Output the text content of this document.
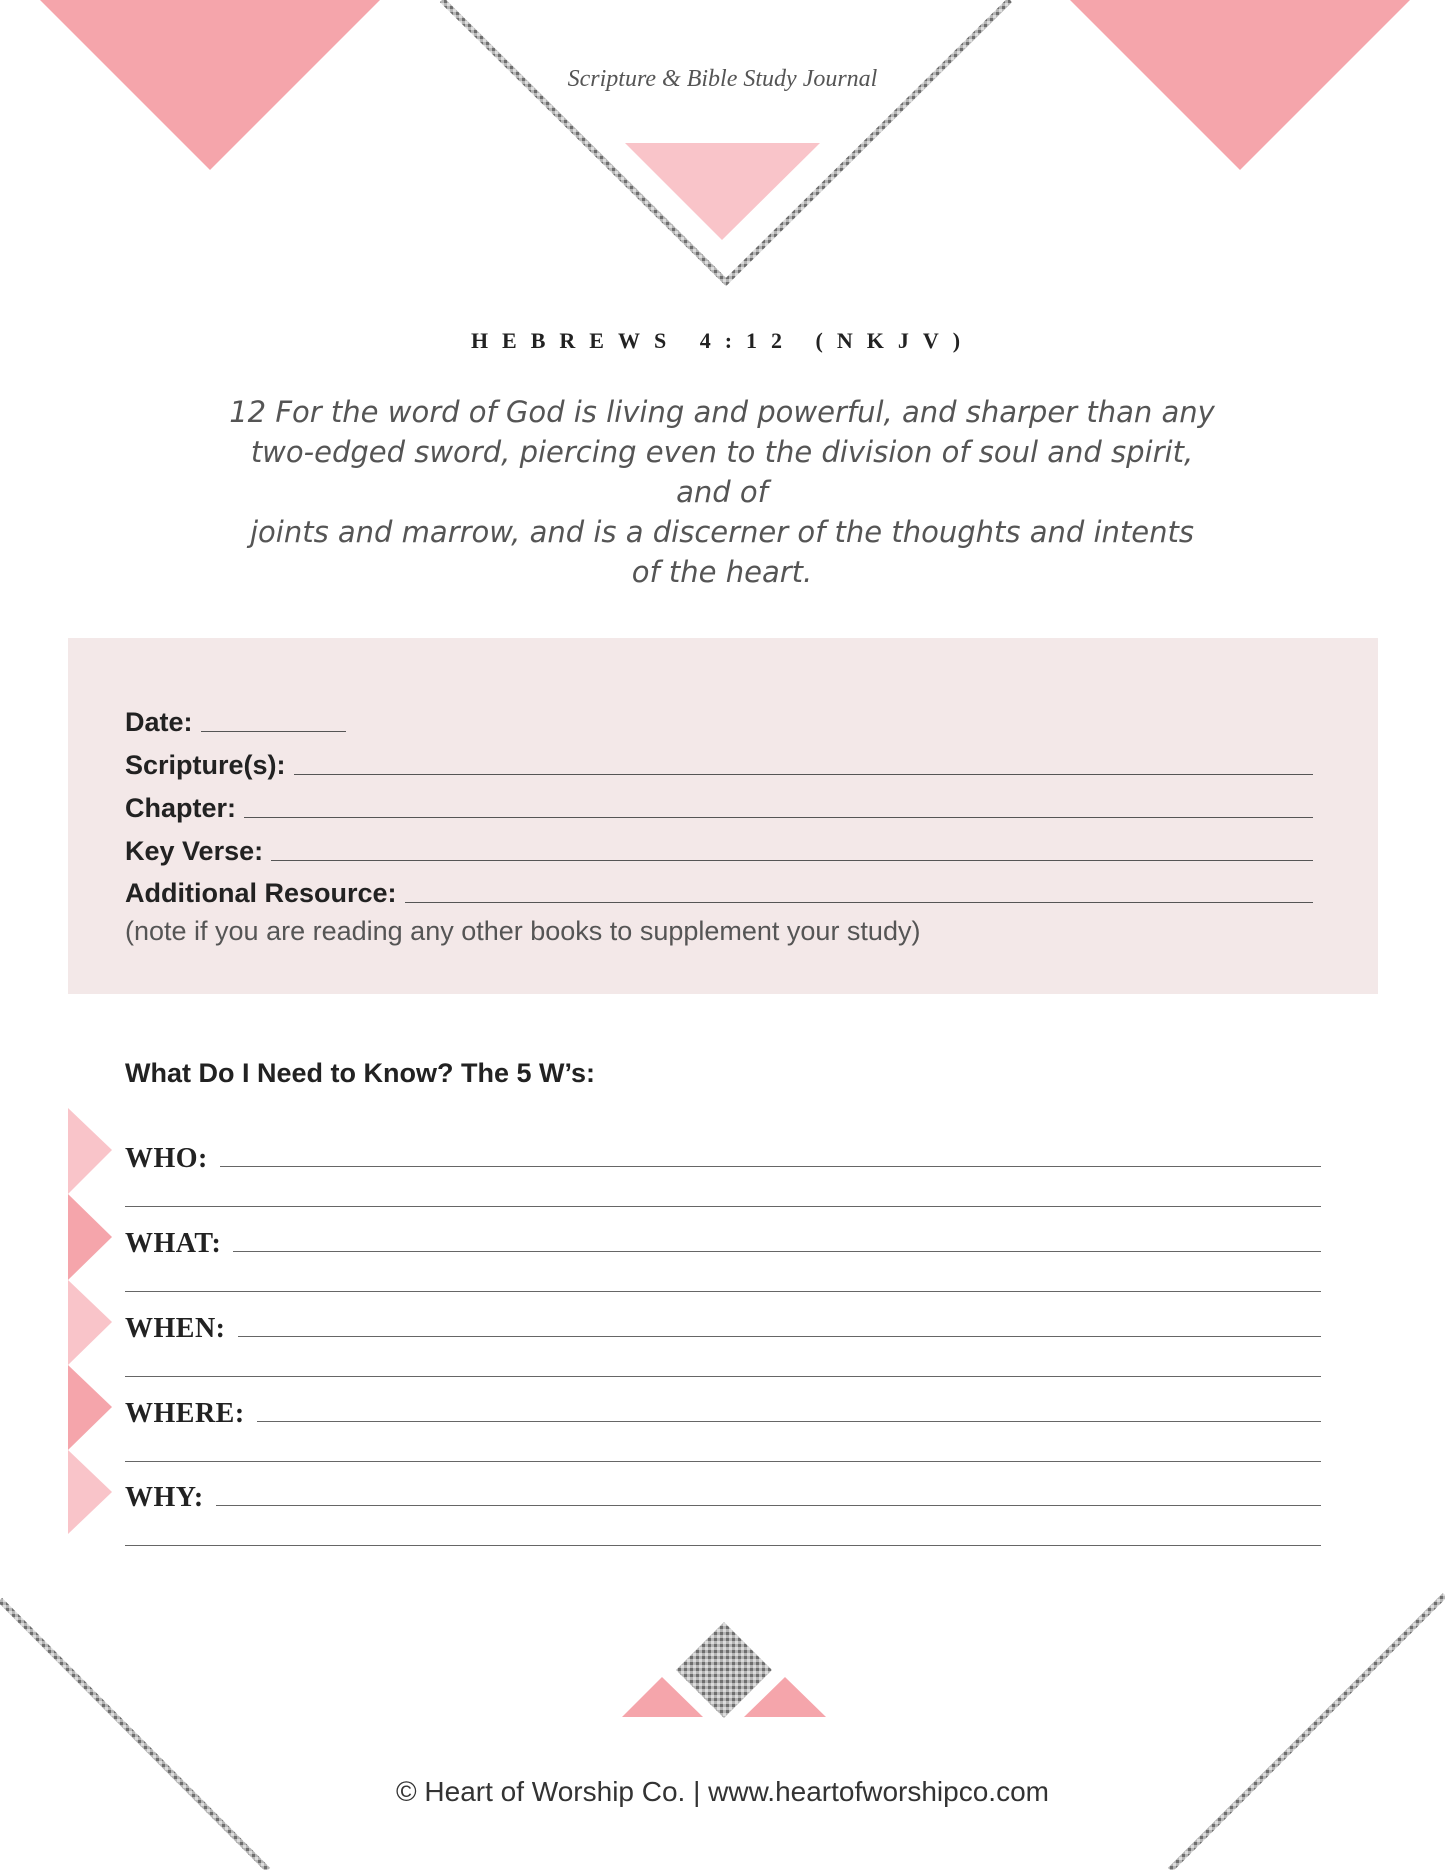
Scripture & Bible Study Journal
HEBREWS 4:12 (NKJV)
12 For the word of God is living and powerful, and sharper than any
two-edged sword, piercing even to the division of soul and spirit, and of
joints and marrow, and is a discerner of the thoughts and intents
of the heart.
Date:
Scripture(s):
Chapter:
Key Verse:
Additional Resource:
(note if you are reading any other books to supplement your study)
What Do I Need to Know? The 5 W’s:
WHO:
WHAT:
WHEN:
WHERE:
WHY:
© Heart of Worship Co. | www.heartofworshipco.com
